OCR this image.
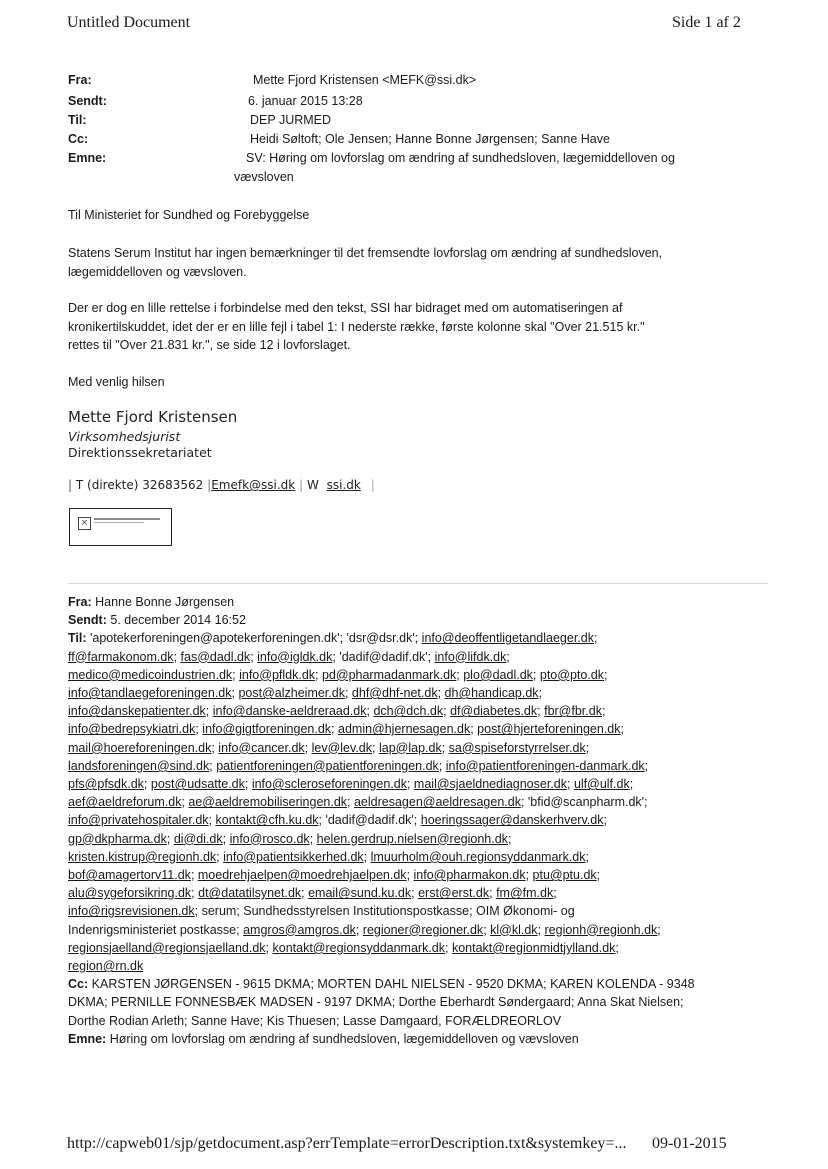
Untitled Document	Side 1 af 2
Fra:	Mette Fjord Kristensen <MEFK@ssi.dk>
Sendt:	6. januar 2015 13:28
Til:	DEP JURMED
Cc:	Heidi Søltoft; Ole Jensen; Hanne Bonne Jørgensen; Sanne Have
Emne:	SV: Høring om lovforslag om ændring af sundhedsloven, lægemiddelloven og
vævsloven
Til Ministeriet for Sundhed og Forebyggelse
Statens Serum Institut har ingen bemærkninger til det fremsendte lovforslag om ændring af sundhedsloven,
lægemiddelloven og vævsloven.
Der er dog en lille rettelse i forbindelse med den tekst, SSI har bidraget med om automatiseringen af
kronikertilskuddet, idet der er en lille fejl i tabel 1: I nederste række, første kolonne skal "Over 21.515 kr."
rettes til "Over 21.831 kr.", se side 12 i lovforslaget.
Med venlig hilsen
Mette Fjord Kristensen
Virksomhedsjurist
Direktionssekretariatet
| T (direkte) 32683562 |Emefk@ssi.dk | W ssi.dk |
×
Fra: Hanne Bonne Jørgensen
Sendt: 5. december 2014 16:52
Til: 'apotekerforeningen@apotekerforeningen.dk'; 'dsr@dsr.dk'; info@deoffentligetandlaeger.dk;
ff@farmakonom.dk; fas@dadl.dk; info@igldk.dk; 'dadif@dadif.dk'; info@lifdk.dk;
medico@medicoindustrien.dk; info@pfldk.dk; pd@pharmadanmark.dk; plo@dadl.dk; pto@pto.dk;
info@tandlaegeforeningen.dk; post@alzheimer.dk; dhf@dhf-net.dk; dh@handicap.dk;
info@danskepatienter.dk; info@danske-aeldreraad.dk; dch@dch.dk; df@diabetes.dk; fbr@fbr.dk;
info@bedrepsykiatri.dk; info@gigtforeningen.dk; admin@hjernesagen.dk; post@hjerteforeningen.dk;
mail@hoereforeningen.dk; info@cancer.dk; lev@lev.dk; lap@lap.dk; sa@spiseforstyrrelser.dk;
landsforeningen@sind.dk; patientforeningen@patientforeningen.dk; info@patientforeningen-danmark.dk;
pfs@pfsdk.dk; post@udsatte.dk; info@scleroseforeningen.dk; mail@sjaeldnediagnoser.dk; ulf@ulf.dk;
aef@aeldreforum.dk; ae@aeldremobiliseringen.dk; aeldresagen@aeldresagen.dk; 'bfid@scanpharm.dk';
info@privatehospitaler.dk; kontakt@cfh.ku.dk; 'dadif@dadif.dk'; hoeringssager@danskerhverv.dk;
gp@dkpharma.dk; di@di.dk; info@rosco.dk; helen.gerdrup.nielsen@regionh.dk;
kristen.kistrup@regionh.dk; info@patientsikkerhed.dk; lmuurholm@ouh.regionsyddanmark.dk;
bof@amagertorv11.dk; moedrehjaelpen@moedrehjaelpen.dk; info@pharmakon.dk; ptu@ptu.dk;
alu@sygeforsikring.dk; dt@datatilsynet.dk; email@sund.ku.dk; erst@erst.dk; fm@fm.dk;
info@rigsrevisionen.dk; serum; Sundhedsstyrelsen Institutionspostkasse; OIM Økonomi- og
Indenrigsministeriet postkasse; amgros@amgros.dk; regioner@regioner.dk; kl@kl.dk; regionh@regionh.dk;
regionsjaelland@regionsjaelland.dk; kontakt@regionsyddanmark.dk; kontakt@regionmidtjylland.dk;
region@rn.dk
Cc: KARSTEN JØRGENSEN - 9615 DKMA; MORTEN DAHL NIELSEN - 9520 DKMA; KAREN KOLENDA - 9348
DKMA; PERNILLE FONNESBÆK MADSEN - 9197 DKMA; Dorthe Eberhardt Søndergaard; Anna Skat Nielsen;
Dorthe Rodian Arleth; Sanne Have; Kis Thuesen; Lasse Damgaard, FORÆLDREORLOV
Emne: Høring om lovforslag om ændring af sundhedsloven, lægemiddelloven og vævsloven
http://capweb01/sjp/getdocument.asp?errTemplate=errorDescription.txt&systemkey=... 09-01-2015
